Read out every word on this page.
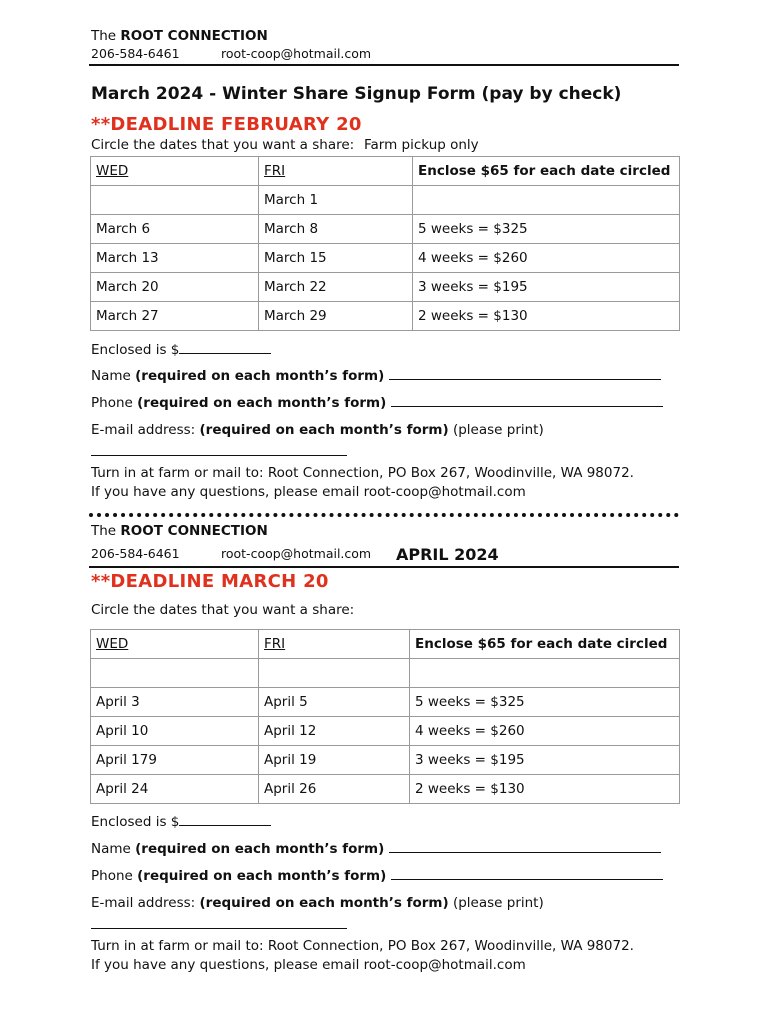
The ROOT CONNECTION
206-584-6461	root-coop@hotmail.com
March 2024 - Winter Share Signup Form (pay by check)
**DEADLINE FEBRUARY 20
Circle the dates that you want a share: Farm pickup only
WED	FRI	Enclose $65 for each date circled
	March 1	
March 6	March 8	5 weeks = $325
March 13	March 15	4 weeks = $260
March 20	March 22	3 weeks = $195
March 27	March 29	2 weeks = $130
Enclosed is $
Name (required on each month’s form)
Phone (required on each month’s form)
E-mail address: (required on each month’s form) (please print)
Turn in at farm or mail to: Root Connection, PO Box 267, Woodinville, WA 98072.
If you have any questions, please email root-coop@hotmail.com
The ROOT CONNECTION
206-584-6461	root-coop@hotmail.com APRIL 2024
**DEADLINE MARCH 20
Circle the dates that you want a share:
WED	FRI	Enclose $65 for each date circled

April 3	April 5	5 weeks = $325
April 10	April 12	4 weeks = $260
April 179	April 19	3 weeks = $195
April 24	April 26	2 weeks = $130
Enclosed is $
Name (required on each month’s form)
Phone (required on each month’s form)
E-mail address: (required on each month’s form) (please print)
Turn in at farm or mail to: Root Connection, PO Box 267, Woodinville, WA 98072.
If you have any questions, please email root-coop@hotmail.com
